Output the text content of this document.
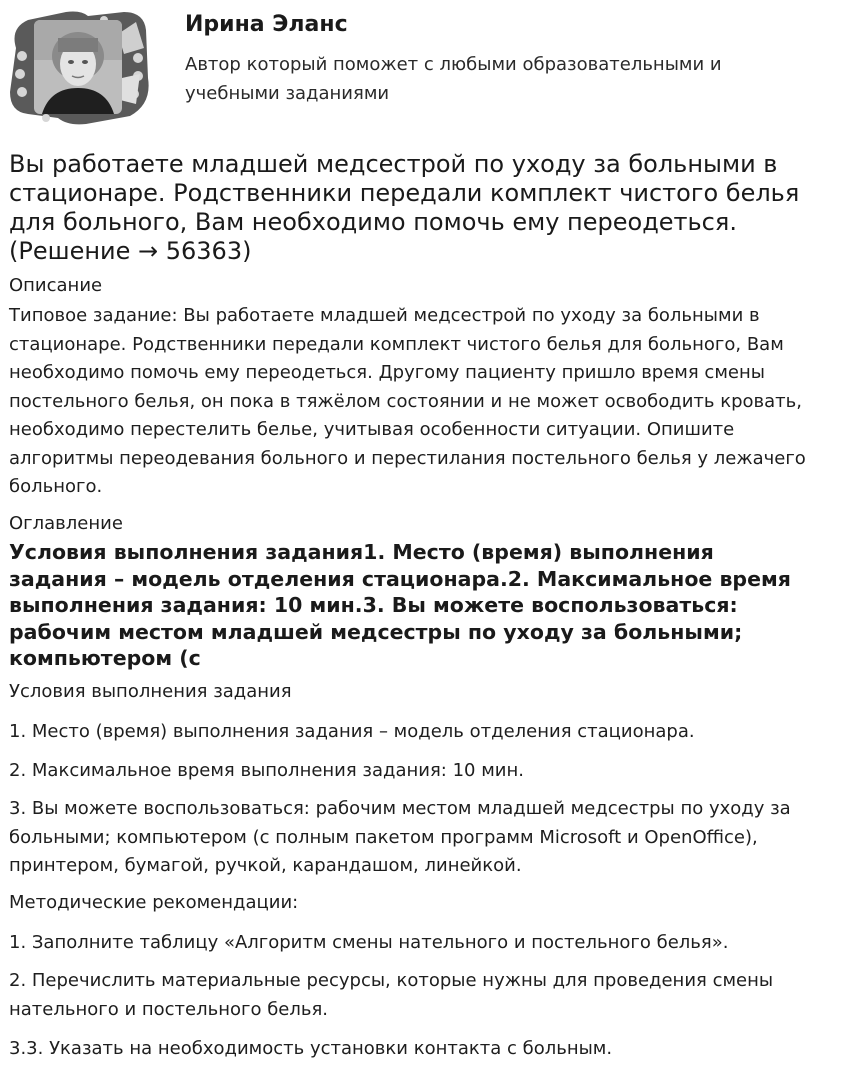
Ирина Эланс
Автор который поможет с любыми образовательными и учебными заданиями
Вы работаете младшей медсестрой по уходу за больными в стационаре. Родственники передали комплект чистого белья для больного, Вам необходимо помочь ему переодеться. (Решение → 56363)
Описание

Типовое задание: Вы работаете младшей медсестрой по уходу за больными в стационаре. Родственники передали комплект чистого белья для больного, Вам необходимо помочь ему переодеться. Другому пациенту пришло время смены постельного белья, он пока в тяжёлом состоянии и не может освободить кровать, необходимо перестелить белье, учитывая особенности ситуации. Опишите алгоритмы переодевания больного и перестилания постельного белья у лежачего больного.

Оглавление

Условия выполнения задания1. Место (время) выполнения задания – модель отделения стационара.2. Максимальное время выполнения задания: 10 мин.3. Вы можете воспользоваться: рабочим местом младшей медсестры по уходу за больными; компьютером (с

Условия выполнения задания

1. Место (время) выполнения задания – модель отделения стационара.

2. Максимальное время выполнения задания: 10 мин.

3. Вы можете воспользоваться: рабочим местом младшей медсестры по уходу за больными; компьютером (с полным пакетом программ Microsoft и OpenOffice), принтером, бумагой, ручкой, карандашом, линейкой.

Методические рекомендации:

1. Заполните таблицу «Алгоритм смены нательного и постельного белья».

2. Перечислить материальные ресурсы, которые нужны для проведения смены нательного и постельного белья.

3.3. Указать на необходимость установки контакта с больным.
